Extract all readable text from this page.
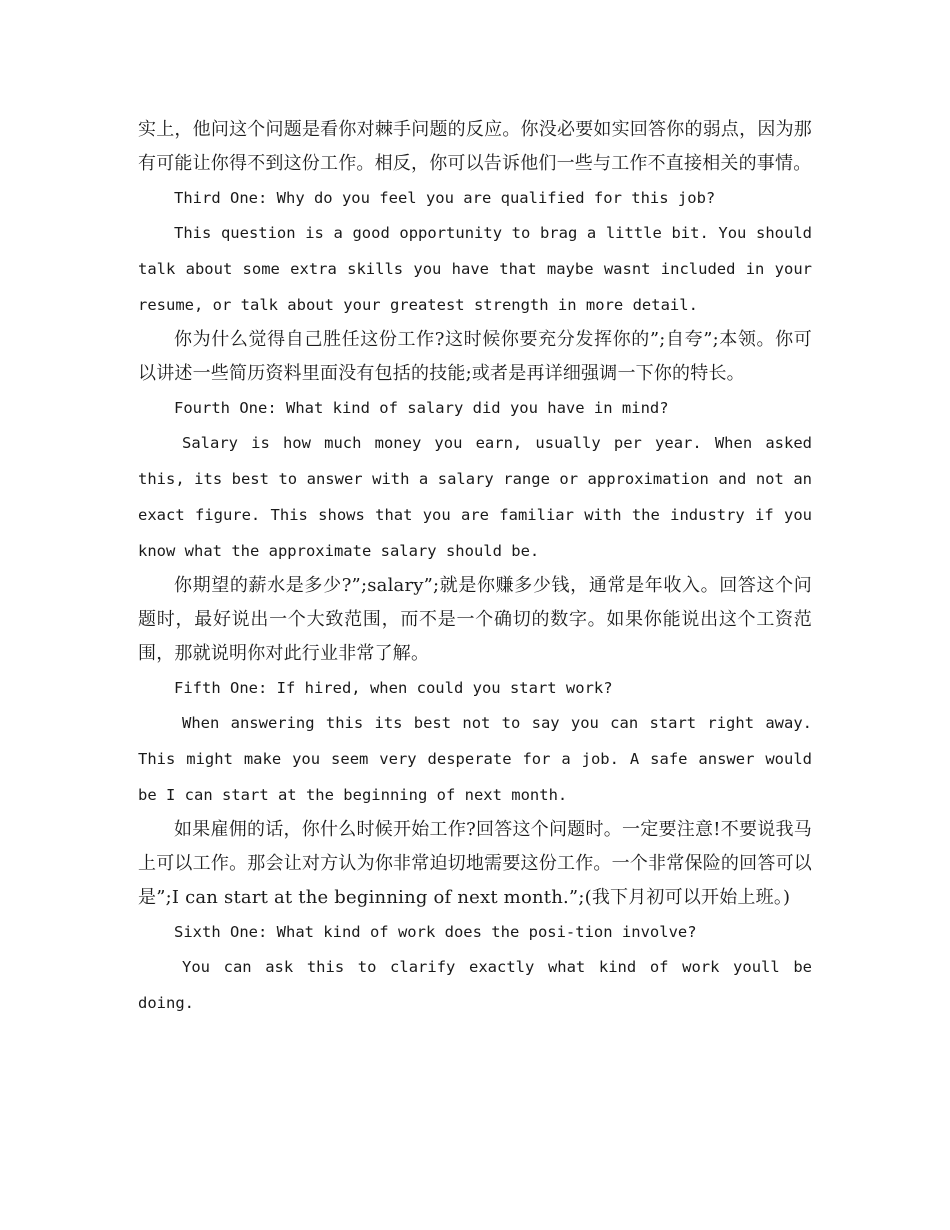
实上，他问这个问题是看你对棘手问题的反应。你没必要如实回答你的弱点，因为那有可能让你得不到这份工作。相反，你可以告诉他们一些与工作不直接相关的事情。

Third One: Why do you feel you are qualified for this job?

This question is a good opportunity to brag a little bit. You should talk about some extra skills you have that maybe wasnt included in your resume, or talk about your greatest strength in more detail.

你为什么觉得自己胜任这份工作?这时候你要充分发挥你的”;自夸”;本领。你可以讲述一些简历资料里面没有包括的技能;或者是再详细强调一下你的特长。

Fourth One: What kind of salary did you have in mind?

Salary is how much money you earn, usually per year. When asked this, its best to answer with a salary range or approximation and not an exact figure. This shows that you are familiar with the industry if you know what the approximate salary should be.

你期望的薪水是多少?”;salary”;就是你赚多少钱，通常是年收入。回答这个问题时，最好说出一个大致范围，而不是一个确切的数字。如果你能说出这个工资范围，那就说明你对此行业非常了解。

Fifth One: If hired, when could you start work?

When answering this its best not to say you can start right away. This might make you seem very desperate for a job. A safe answer would be I can start at the beginning of next month.

如果雇佣的话，你什么时候开始工作?回答这个问题时。一定要注意!不要说我马上可以工作。那会让对方认为你非常迫切地需要这份工作。一个非常保险的回答可以是”;I can start at the beginning of next month.”;(我下月初可以开始上班。)

Sixth One: What kind of work does the posi-tion involve?

You can ask this to clarify exactly what kind of work youll be doing.
